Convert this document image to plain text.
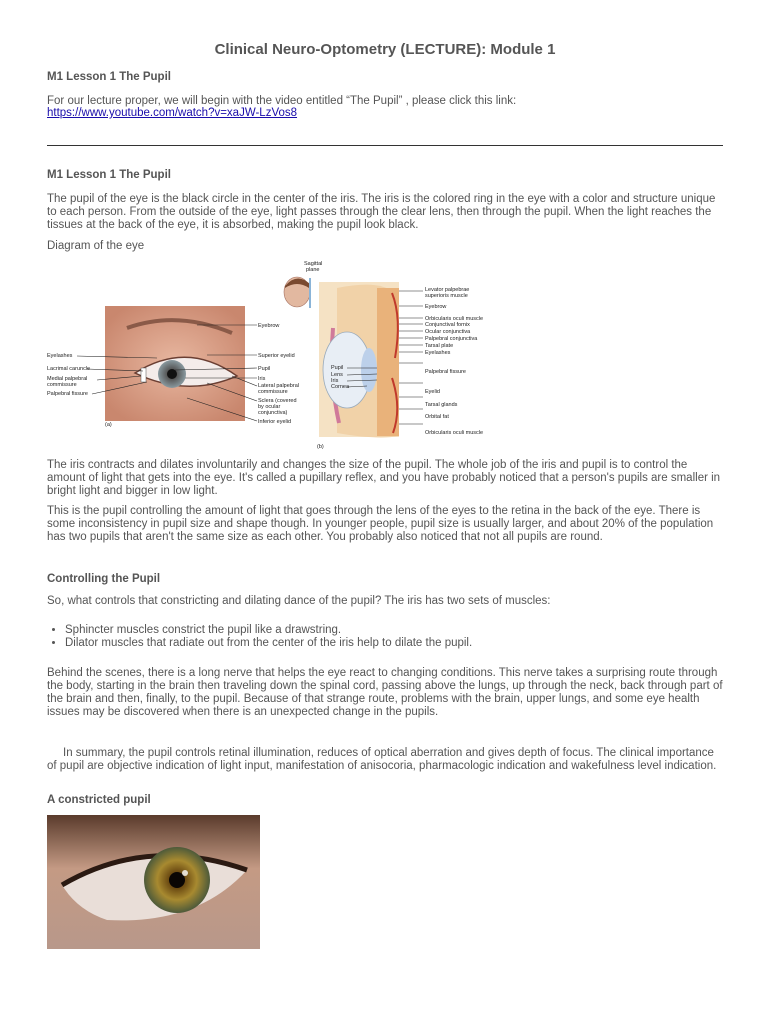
Clinical Neuro-Optometry (LECTURE): Module 1
M1 Lesson 1 The Pupil
For our lecture proper, we will begin with the video entitled “The Pupil” , please click this link:
https://www.youtube.com/watch?v=xaJW-LzVos8
M1 Lesson 1 The Pupil
The pupil of the eye is the black circle in the center of the iris. The iris is the colored ring in the eye with a color and structure unique to each person. From the outside of the eye, light passes through the clear lens, then through the pupil. When the light reaches the tissues at the back of the eye, it is absorbed, making the pupil look black.
Diagram of the eye
Eyelashes
Lacrimal caruncle
Medial palpebral
commissure
Palpebral fissure
Eyebrow
Superior eyelid
Pupil
Iris
Lateral palpebral
commissure
Sclera (covered
by ocular
conjunctiva)
Inferior eyelid
(a)
Sagittal
plane
Pupil
Lens
Iris
Cornea
Levator palpebrae
superioris muscle
Eyebrow
Orbicularis oculi muscle
Conjunctival fornix
Ocular conjunctiva
Palpebral conjunctiva
Tarsal plate
Eyelashes
Palpebral fissure
Eyelid
Tarsal glands
Orbital fat
Orbicularis oculi muscle
(b)
The iris contracts and dilates involuntarily and changes the size of the pupil. The whole job of the iris and pupil is to control the amount of light that gets into the eye. It's called a pupillary reflex, and you have probably noticed that a person's pupils are smaller in bright light and bigger in low light.
This is the pupil controlling the amount of light that goes through the lens of the eyes to the retina in the back of the eye. There is some inconsistency in pupil size and shape though. In younger people, pupil size is usually larger, and about 20% of the population has two pupils that aren't the same size as each other. You probably also noticed that not all pupils are round.
Controlling the Pupil
So, what controls that constricting and dilating dance of the pupil? The iris has two sets of muscles:
• Sphincter muscles constrict the pupil like a drawstring.
• Dilator muscles that radiate out from the center of the iris help to dilate the pupil.
Behind the scenes, there is a long nerve that helps the eye react to changing conditions. This nerve takes a surprising route through the body, starting in the brain then traveling down the spinal cord, passing above the lungs, up through the neck, back through part of the brain and then, finally, to the pupil. Because of that strange route, problems with the brain, upper lungs, and some eye health issues may be discovered when there is an unexpected change in the pupils.
In summary, the pupil controls retinal illumination, reduces of optical aberration and gives depth of focus. The clinical importance of pupil are objective indication of light input, manifestation of anisocoria, pharmacologic indication and wakefulness level indication.
A constricted pupil
